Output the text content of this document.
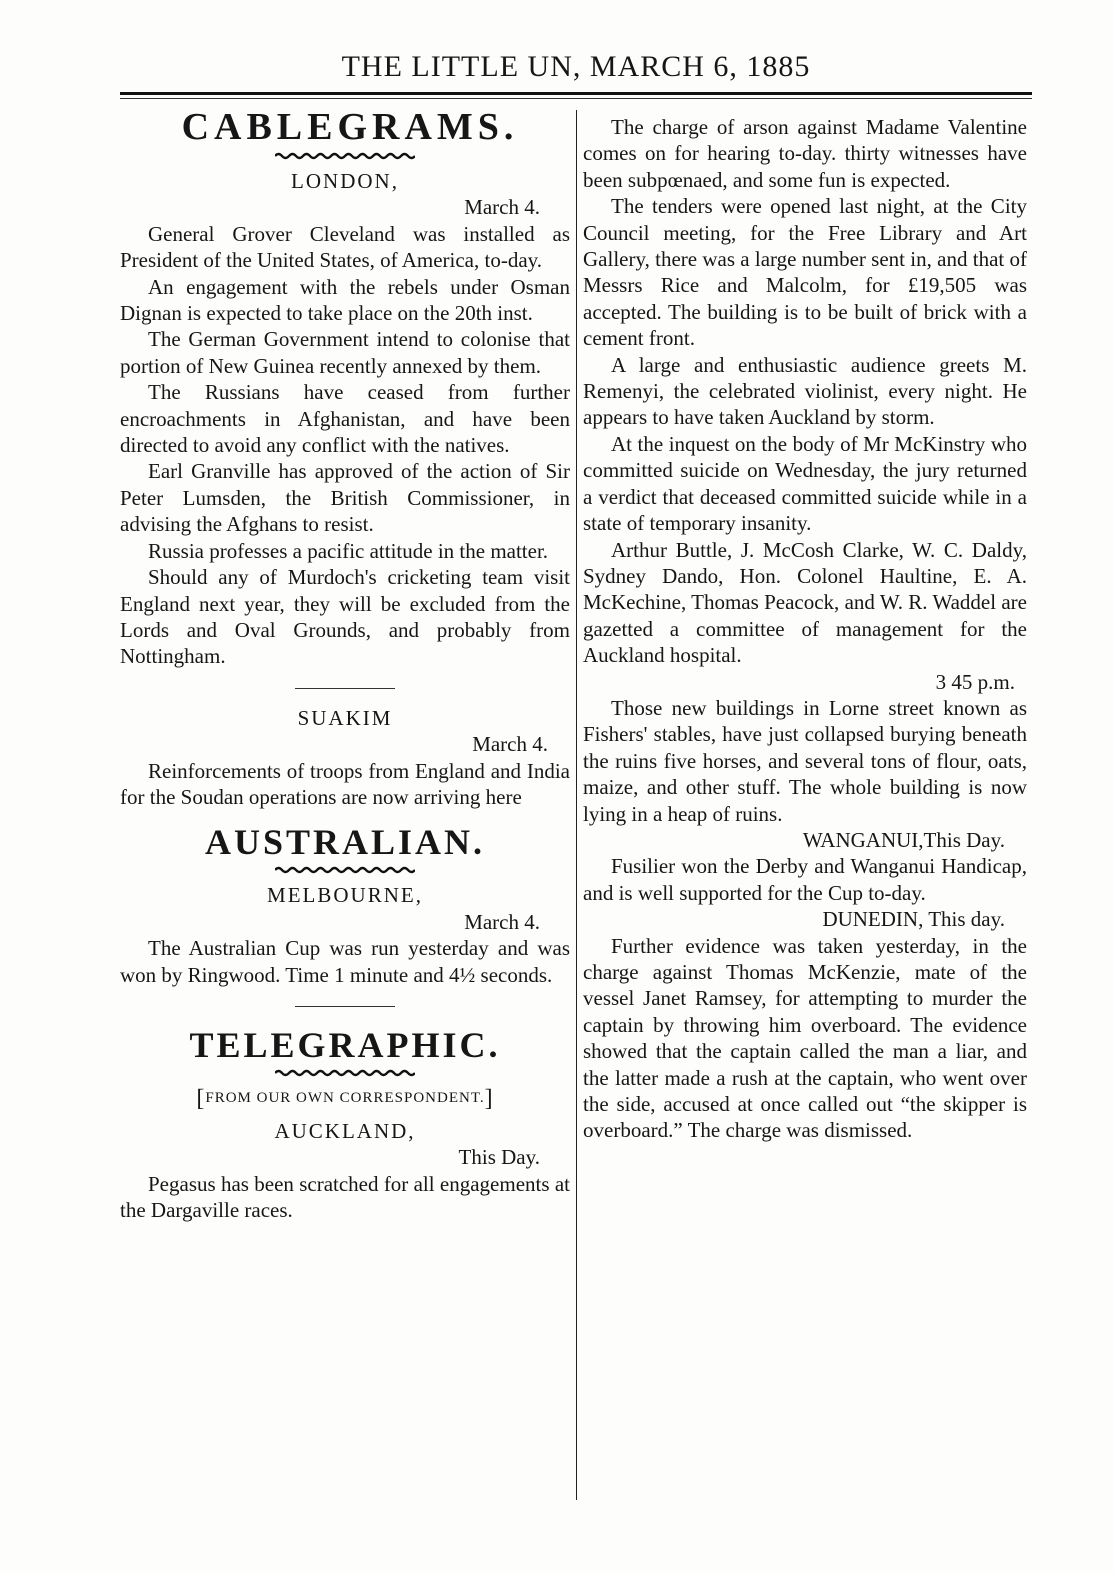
THE LITTLE UN, MARCH 6, 1885
CABLEGRAMS.
LONDON,
March 4.

General Grover Cleveland was installed as President of the United States, of America, to-day.

An engagement with the rebels under Osman Dignan is expected to take place on the 20th inst.

The German Government intend to colonise that portion of New Guinea recently annexed by them.

The Russians have ceased from further encroachments in Afghanistan, and have been directed to avoid any conflict with the natives.

Earl Granville has approved of the action of Sir Peter Lumsden, the British Commissioner, in advising the Afghans to resist.

Russia professes a pacific attitude in the matter.

Should any of Murdoch's cricketing team visit England next year, they will be excluded from the Lords and Oval Grounds, and probably from Nottingham.

SUAKIM
March 4.

Reinforcements of troops from England and India for the Soudan operations are now arriving here

AUSTRALIAN.
MELBOURNE,
March 4.

The Australian Cup was run yesterday and was won by Ringwood. Time 1 minute and 4½ seconds.

TELEGRAPHIC.
[FROM OUR OWN CORRESPONDENT.]
AUCKLAND,
This Day.

Pegasus has been scratched for all engagements at the Dargaville races.

The charge of arson against Madame Valentine comes on for hearing to-day. thirty witnesses have been subpœnaed, and some fun is expected.

The tenders were opened last night, at the City Council meeting, for the Free Library and Art Gallery, there was a large number sent in, and that of Messrs Rice and Malcolm, for £19,505 was accepted. The building is to be built of brick with a cement front.

A large and enthusiastic audience greets M. Remenyi, the celebrated violinist, every night. He appears to have taken Auckland by storm.

At the inquest on the body of Mr McKinstry who committed suicide on Wednesday, the jury returned a verdict that deceased committed suicide while in a state of temporary insanity.

Arthur Buttle, J. McCosh Clarke, W. C. Daldy, Sydney Dando, Hon. Colonel Haultine, E. A. McKechine, Thomas Peacock, and W. R. Waddel are gazetted a committee of management for the Auckland hospital.

3 45 p.m.

Those new buildings in Lorne street known as Fishers' stables, have just collapsed burying beneath the ruins five horses, and several tons of flour, oats, maize, and other stuff. The whole building is now lying in a heap of ruins.

WANGANUI,This Day.

Fusilier won the Derby and Wanganui Handicap, and is well supported for the Cup to-day.

DUNEDIN, This day.

Further evidence was taken yesterday, in the charge against Thomas McKenzie, mate of the vessel Janet Ramsey, for attempting to murder the captain by throwing him overboard. The evidence showed that the captain called the man a liar, and the latter made a rush at the captain, who went over the side, accused at once called out “the skipper is overboard.” The charge was dismissed.
